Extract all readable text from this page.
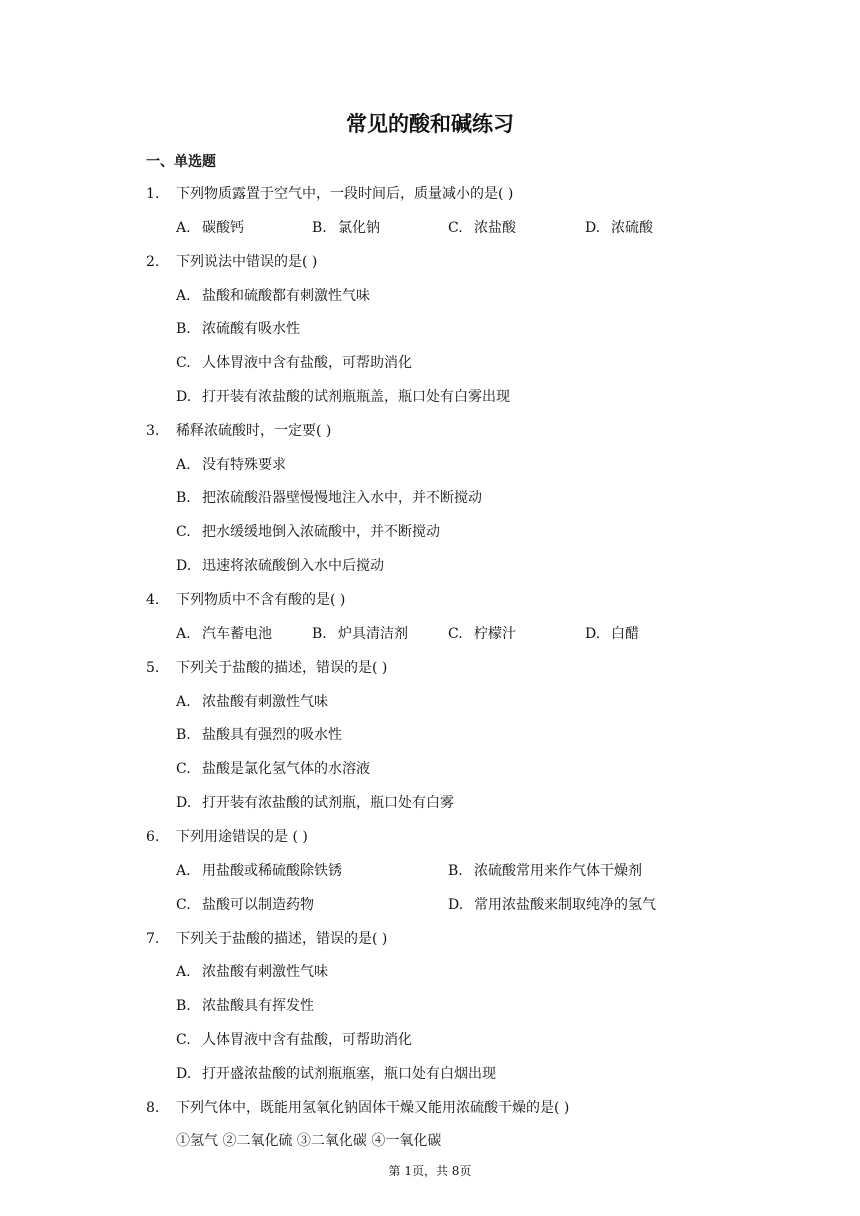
常见的酸和碱练习
一、单选题
1. 下列物质露置于空气中，一段时间后，质量减小的是( )
A. 碳酸钙	B. 氯化钠	C. 浓盐酸	D. 浓硫酸
2. 下列说法中错误的是( )
A. 盐酸和硫酸都有刺激性气味
B. 浓硫酸有吸水性
C. 人体胃液中含有盐酸，可帮助消化
D. 打开装有浓盐酸的试剂瓶瓶盖，瓶口处有白雾出现
3. 稀释浓硫酸时，一定要( )
A. 没有特殊要求
B. 把浓硫酸沿器壁慢慢地注入水中，并不断搅动
C. 把水缓缓地倒入浓硫酸中，并不断搅动
D. 迅速将浓硫酸倒入水中后搅动
4. 下列物质中不含有酸的是( )
A. 汽车蓄电池	B. 炉具清洁剂	C. 柠檬汁	D. 白醋
5. 下列关于盐酸的描述，错误的是( )
A. 浓盐酸有刺激性气味
B. 盐酸具有强烈的吸水性
C. 盐酸是氯化氢气体的水溶液
D. 打开装有浓盐酸的试剂瓶，瓶口处有白雾
6. 下列用途错误的是 ( )
A. 用盐酸或稀硫酸除铁锈	B. 浓硫酸常用来作气体干燥剂
C. 盐酸可以制造药物	D. 常用浓盐酸来制取纯净的氢气
7. 下列关于盐酸的描述，错误的是( )
A. 浓盐酸有刺激性气味
B. 浓盐酸具有挥发性
C. 人体胃液中含有盐酸，可帮助消化
D. 打开盛浓盐酸的试剂瓶瓶塞，瓶口处有白烟出现
8. 下列气体中，既能用氢氧化钠固体干燥又能用浓硫酸干燥的是( )
①氢气 ②二氧化硫 ③二氧化碳 ④一氧化碳
第 1页，共 8页
